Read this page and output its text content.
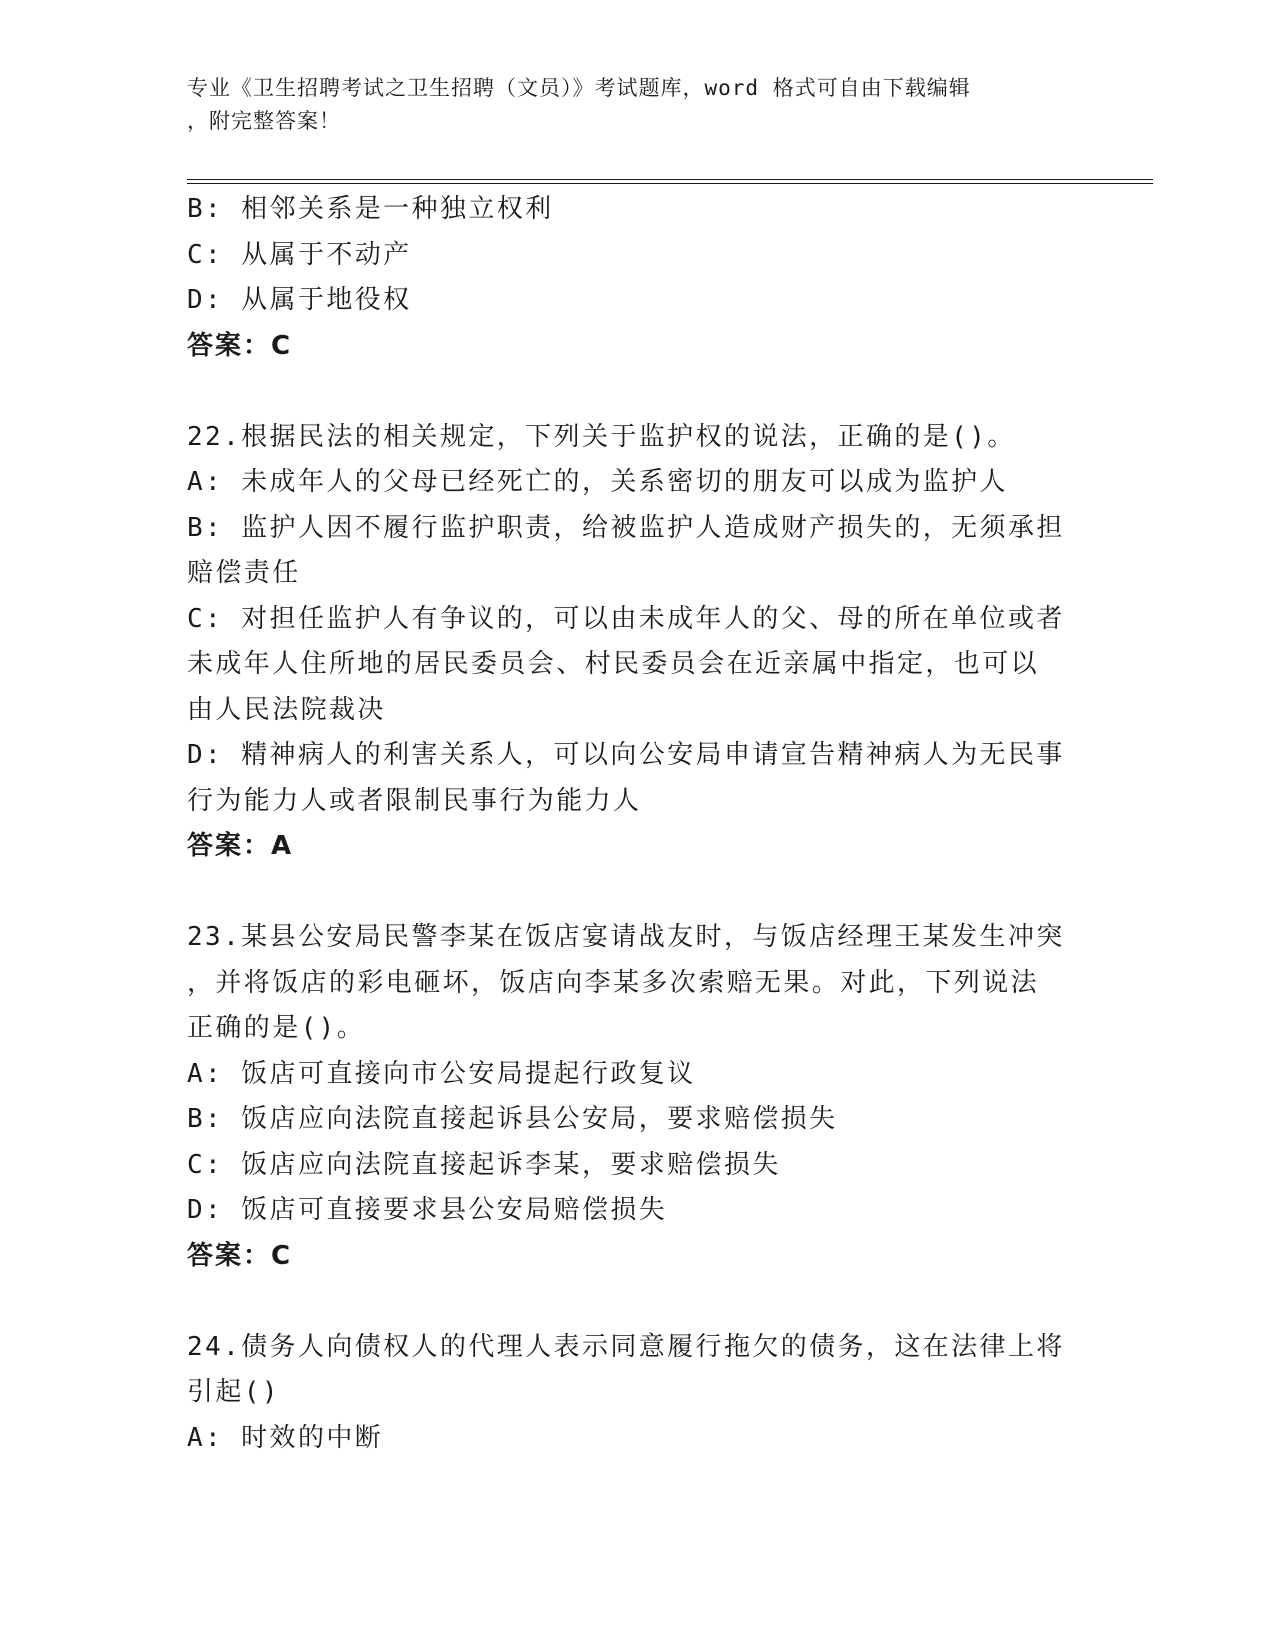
专业《卫生招聘考试之卫生招聘（文员）》考试题库，word 格式可自由下载编辑
，附完整答案！
B: 相邻关系是一种独立权利
C: 从属于不动产
D: 从属于地役权
答案：C
22.根据民法的相关规定，下列关于监护权的说法，正确的是()。
A: 未成年人的父母已经死亡的，关系密切的朋友可以成为监护人
B: 监护人因不履行监护职责，给被监护人造成财产损失的，无须承担
赔偿责任
C: 对担任监护人有争议的，可以由未成年人的父、母的所在单位或者
未成年人住所地的居民委员会、村民委员会在近亲属中指定，也可以
由人民法院裁决
D: 精神病人的利害关系人，可以向公安局申请宣告精神病人为无民事
行为能力人或者限制民事行为能力人
答案：A
23.某县公安局民警李某在饭店宴请战友时，与饭店经理王某发生冲突
，并将饭店的彩电砸坏，饭店向李某多次索赔无果。对此，下列说法
正确的是()。
A: 饭店可直接向市公安局提起行政复议
B: 饭店应向法院直接起诉县公安局，要求赔偿损失
C: 饭店应向法院直接起诉李某，要求赔偿损失
D: 饭店可直接要求县公安局赔偿损失
答案：C
24.债务人向债权人的代理人表示同意履行拖欠的债务，这在法律上将
引起()
A: 时效的中断
